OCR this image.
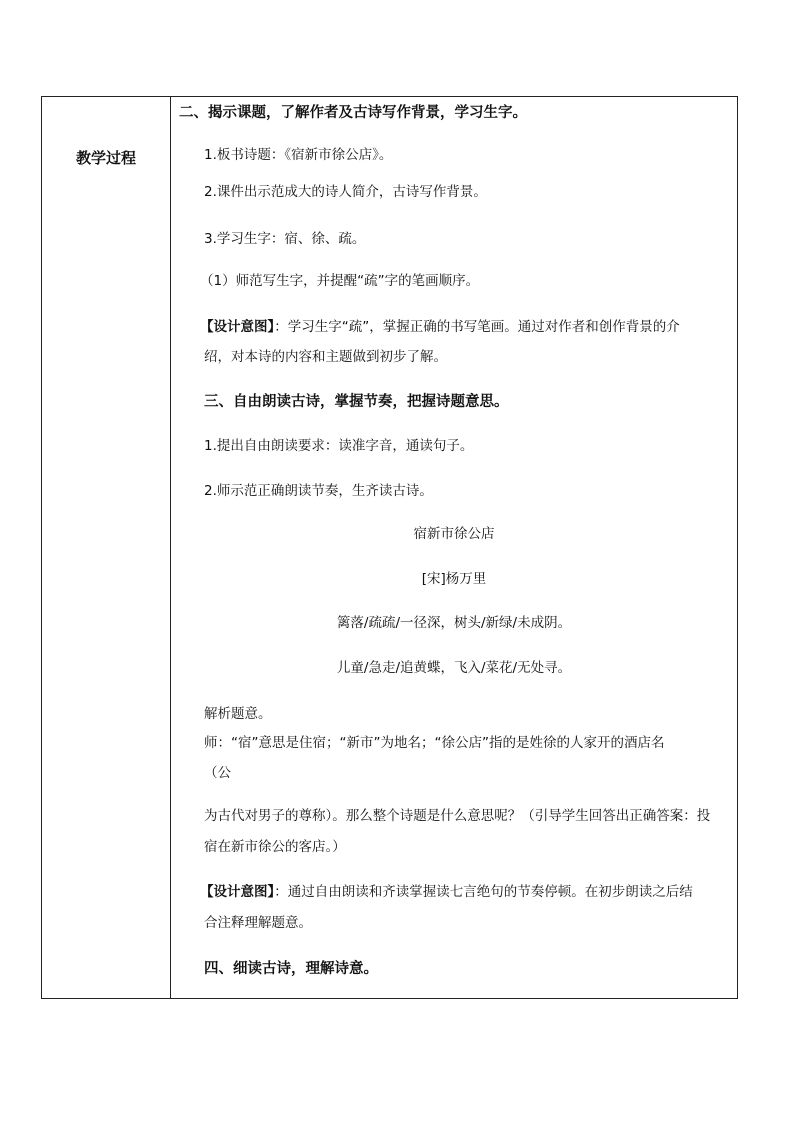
教学过程
二、揭示课题，了解作者及古诗写作背景，学习生字。
1.板书诗题：《宿新市徐公店》。
2.课件出示范成大的诗人简介，古诗写作背景。
3.学习生字：宿、徐、疏。
（1）师范写生字，并提醒“疏”字的笔画顺序。
【设计意图】：学习生字“疏”，掌握正确的书写笔画。通过对作者和创作背景的介
绍，对本诗的内容和主题做到初步了解。
三、自由朗读古诗，掌握节奏，把握诗题意思。
1.提出自由朗读要求：读准字音，通读句子。
2.师示范正确朗读节奏，生齐读古诗。
宿新市徐公店
[宋]杨万里
篱落/疏疏/一径深，树头/新绿/未成阴。
儿童/急走/追黄蝶，飞入/菜花/无处寻。
解析题意。
师：“宿”意思是住宿；“新市”为地名；“徐公店”指的是姓徐的人家开的酒店名
（公
为古代对男子的尊称）。那么整个诗题是什么意思呢？（引导学生回答出正确答案：投
宿在新市徐公的客店。）
【设计意图】：通过自由朗读和齐读掌握读七言绝句的节奏停顿。在初步朗读之后结
合注释理解题意。
四、细读古诗，理解诗意。
